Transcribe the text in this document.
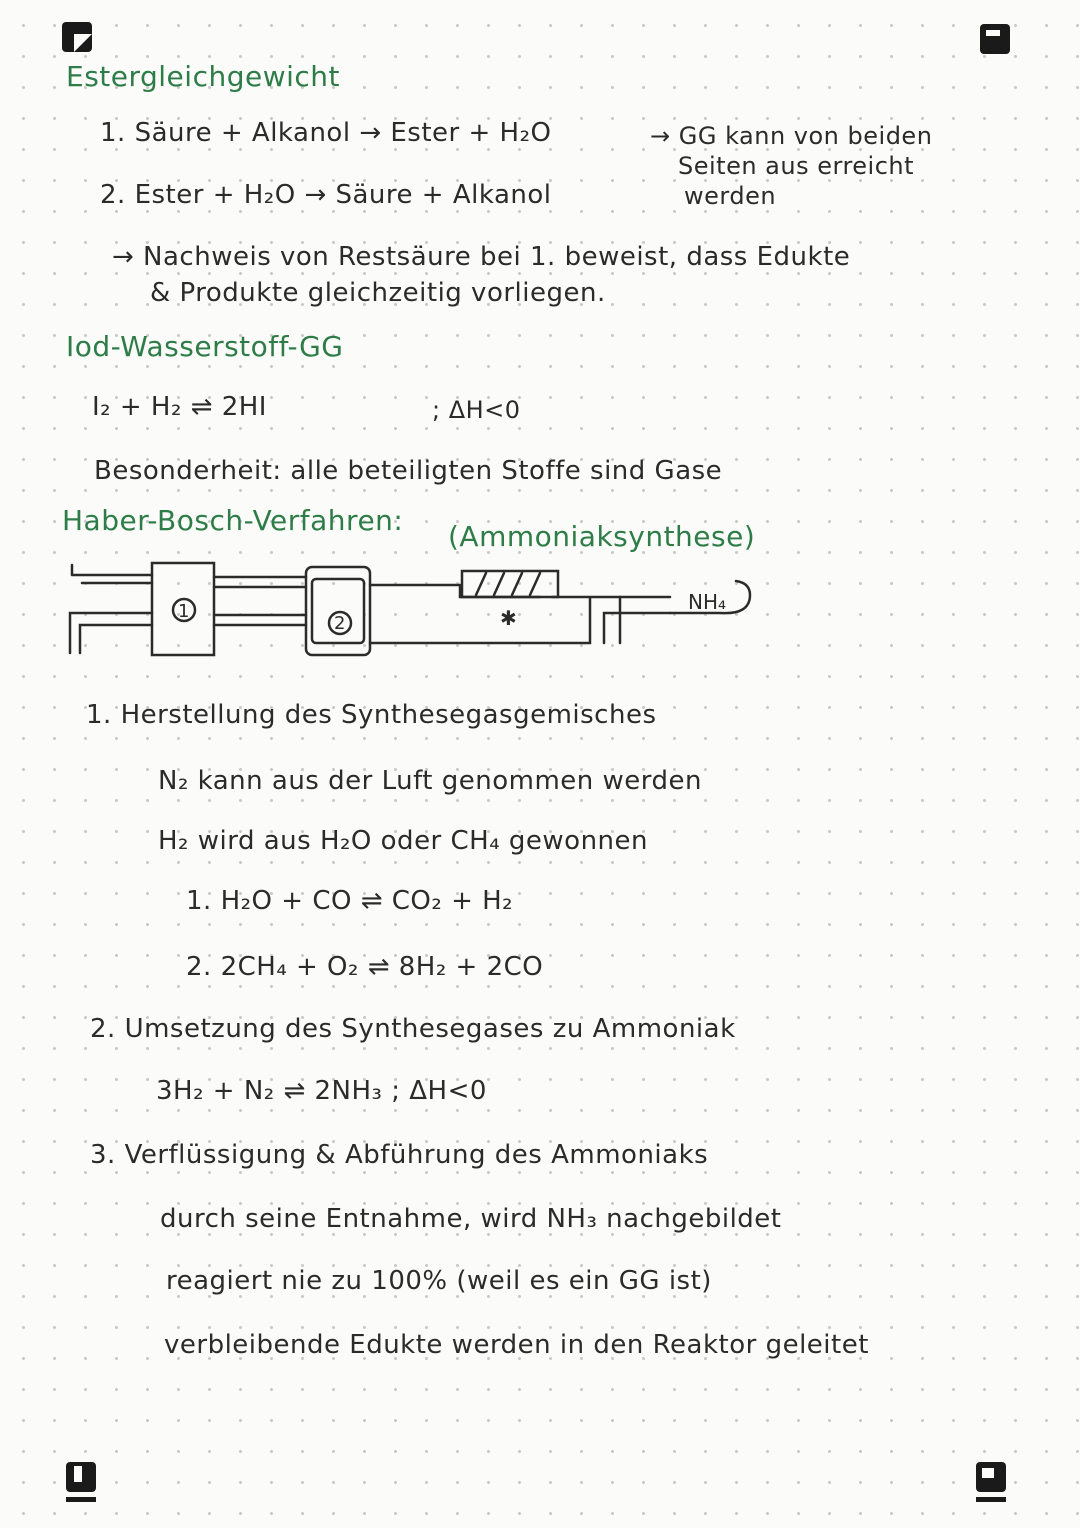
Estergleichgewicht
1. Säure + Alkanol → Ester + H₂O
2. Ester + H₂O → Säure + Alkanol
→ GG kann von beiden
Seiten aus erreicht
werden
→ Nachweis von Restsäure bei 1. beweist, dass Edukte
& Produkte gleichzeitig vorliegen.
Iod-Wasserstoff-GG
I₂ + H₂ ⇌ 2HI	; ΔH<0
Besonderheit: alle beteiligten Stoffe sind Gase
Haber-Bosch-Verfahren: (Ammoniaksynthese)
1
2	✱
NH₄
1. Herstellung des Synthesegasgemisches
N₂ kann aus der Luft genommen werden
H₂ wird aus H₂O oder CH₄ gewonnen
1. H₂O + CO ⇌ CO₂ + H₂
2. 2CH₄ + O₂ ⇌ 8H₂ + 2CO
2. Umsetzung des Synthesegases zu Ammoniak
3H₂ + N₂ ⇌ 2NH₃ ; ΔH<0
3. Verflüssigung & Abführung des Ammoniaks
durch seine Entnahme, wird NH₃ nachgebildet
reagiert nie zu 100% (weil es ein GG ist)
verbleibende Edukte werden in den Reaktor geleitet
